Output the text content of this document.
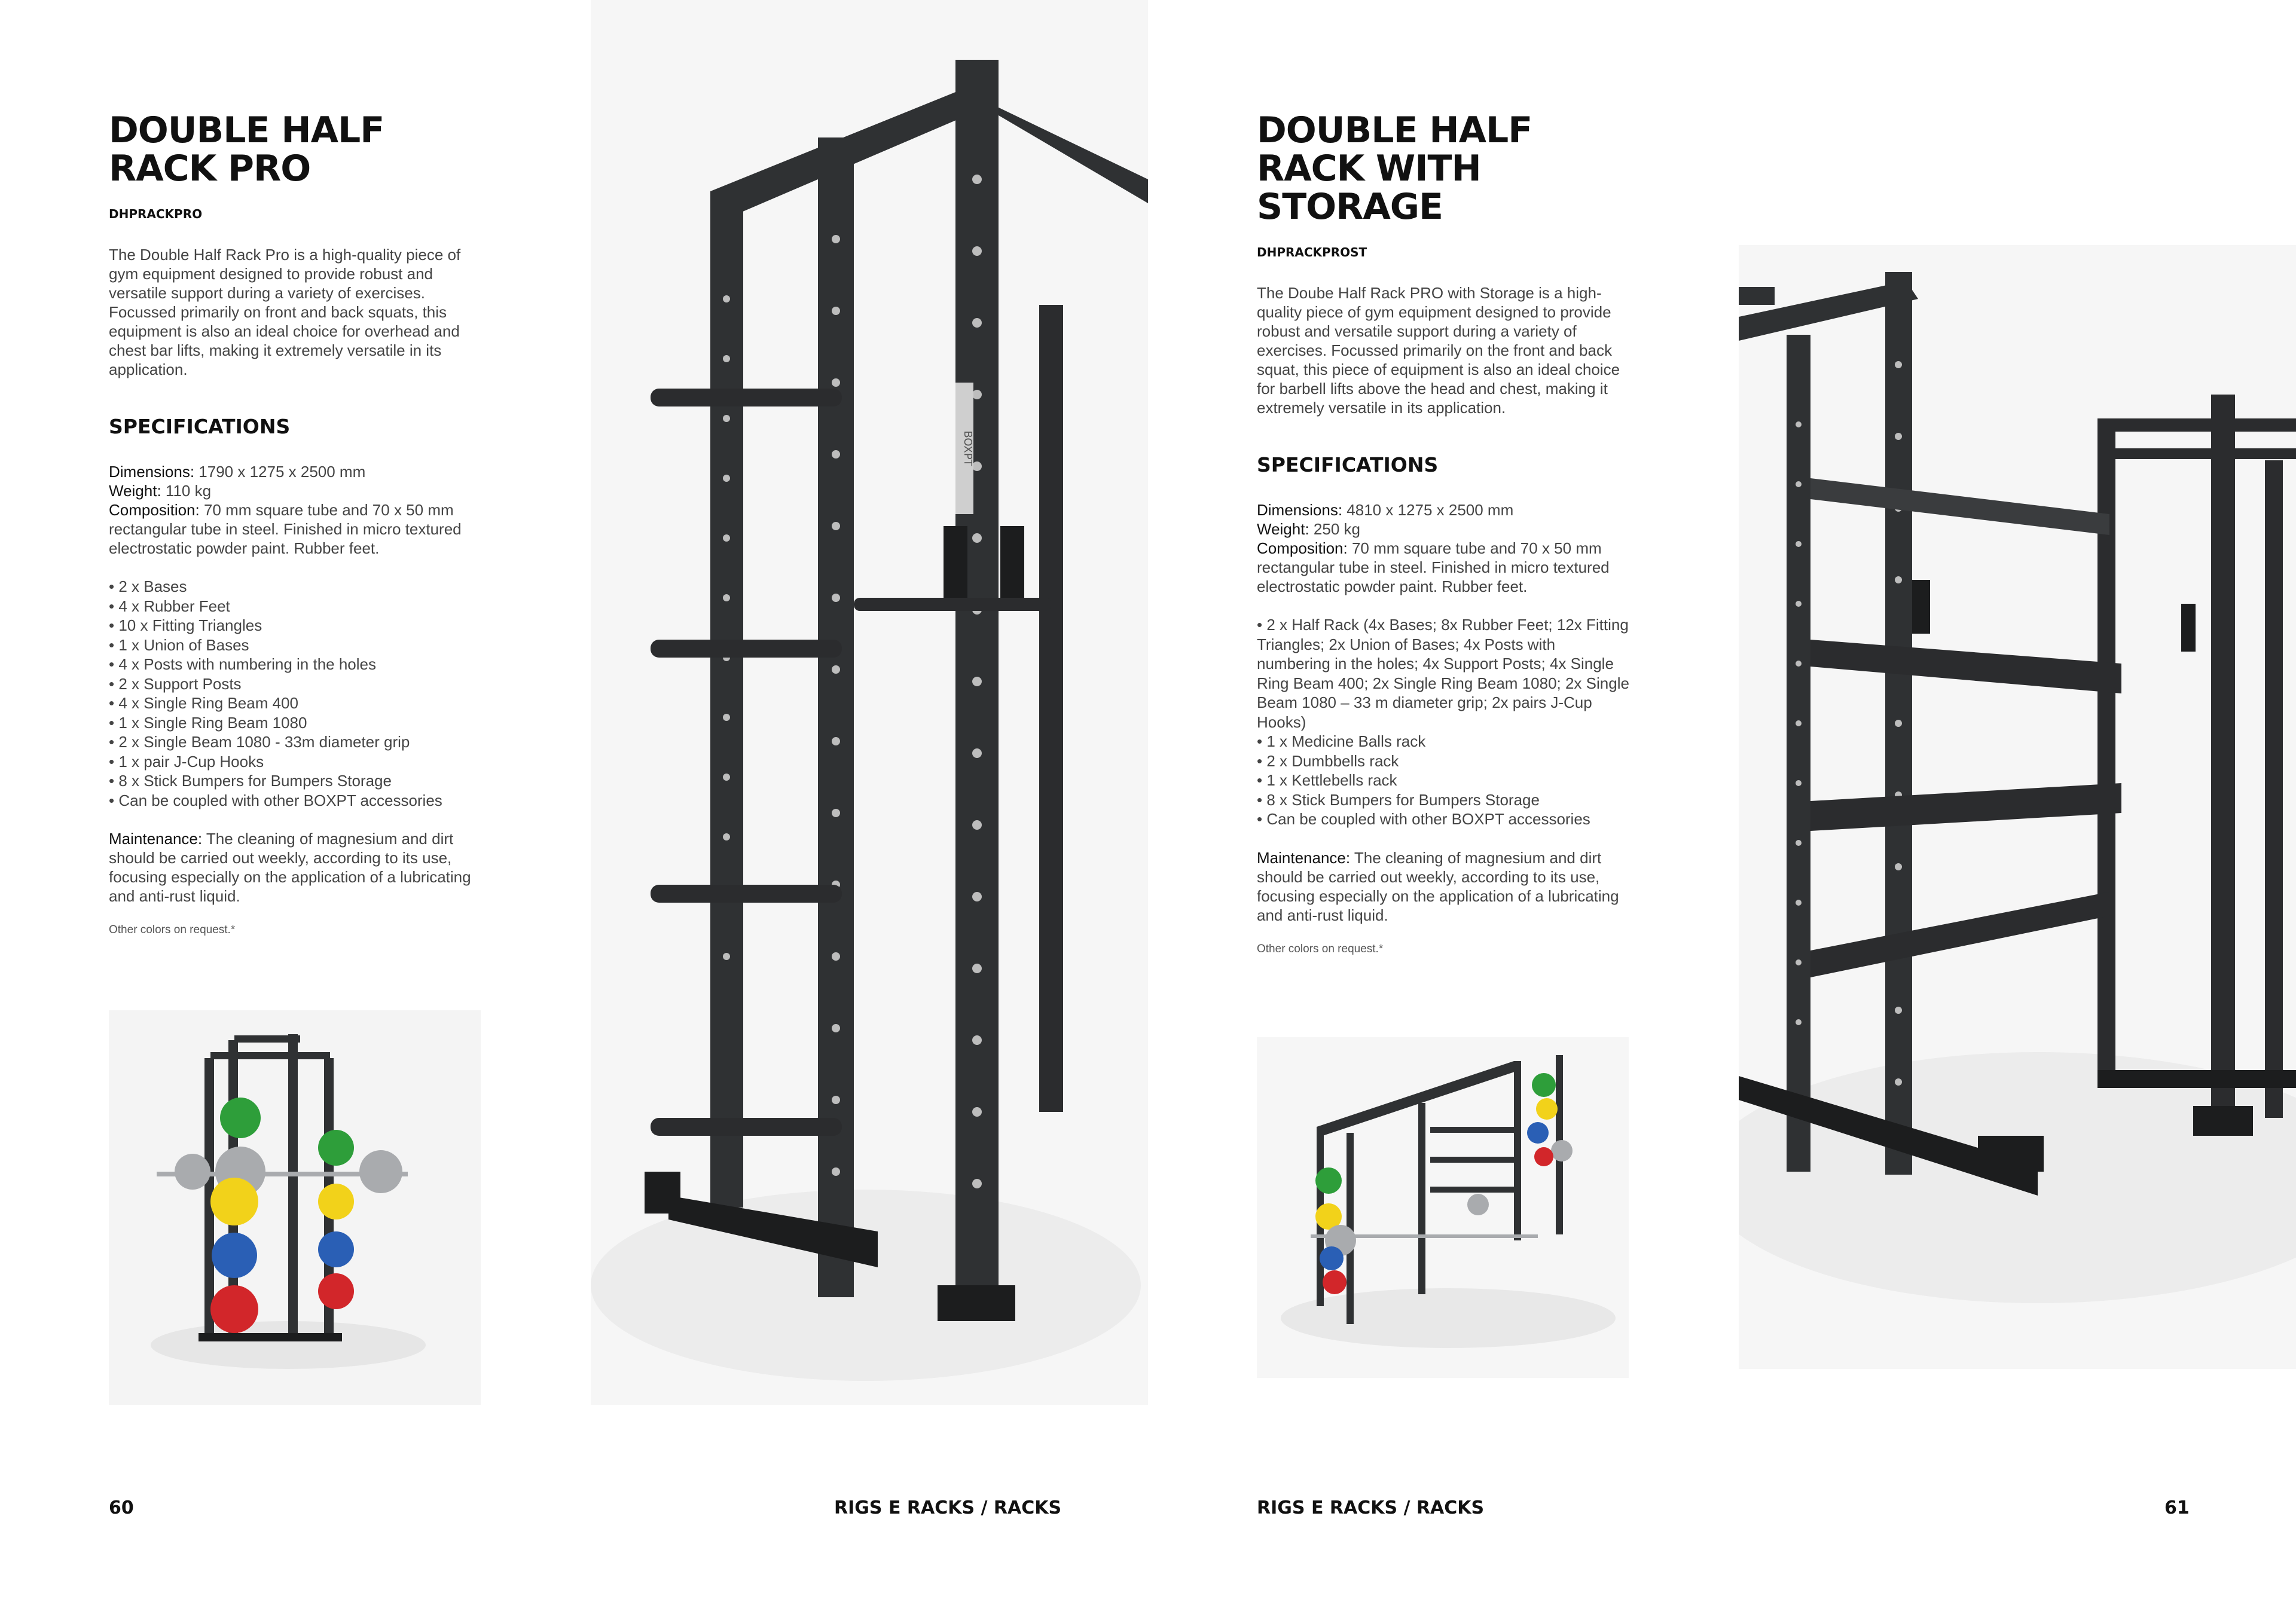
DOUBLE HALF
RACK PRO
DHPRACKPRO
The Double Half Rack Pro is a high-quality piece of gym equipment designed to provide robust and versatile support during a variety of exercises. Focussed primarily on front and back squats, this equipment is also an ideal choice for overhead and chest bar lifts, making it extremely versatile in its application.
SPECIFICATIONS
Dimensions: 1790 x 1275 x 2500 mm
Weight: 110 kg
Composition: 70 mm square tube and 70 x 50 mm rectangular tube in steel. Finished in micro textured electrostatic powder paint. Rubber feet.
• 2 x Bases
• 4 x Rubber Feet
• 10 x Fitting Triangles
• 1 x Union of Bases
• 4 x Posts with numbering in the holes
• 2 x Support Posts
• 4 x Single Ring Beam 400
• 1 x Single Ring Beam 1080
• 2 x Single Beam 1080 - 33m diameter grip
• 1 x pair J-Cup Hooks
• 8 x Stick Bumpers for Bumpers Storage
• Can be coupled with other BOXPT accessories
Maintenance: The cleaning of magnesium and dirt should be carried out weekly, according to its use, focusing especially on the application of a lubricating and anti-rust liquid.
Other colors on request.*
BOXPT
60	RIGS E RACKS / RACKS
DOUBLE HALF
RACK WITH
STORAGE
DHPRACKPROST
The Doube Half Rack PRO with Storage is a high-quality piece of gym equipment designed to provide robust and versatile support during a variety of exercises. Focussed primarily on the front and back squat, this piece of equipment is also an ideal choice for barbell lifts above the head and chest, making it extremely versatile in its application.
SPECIFICATIONS
Dimensions: 4810 x 1275 x 2500 mm
Weight: 250 kg
Composition: 70 mm square tube and 70 x 50 mm rectangular tube in steel. Finished in micro textured electrostatic powder paint. Rubber feet.
• 2 x Half Rack (4x Bases; 8x Rubber Feet; 12x Fitting Triangles; 2x Union of Bases; 4x Posts with numbering in the holes; 4x Support Posts; 4x Single Ring Beam 400; 2x Single Ring Beam 1080; 2x Single Beam 1080 – 33 m diameter grip; 2x pairs J-Cup Hooks)
• 1 x Medicine Balls rack
• 2 x Dumbbells rack
• 1 x Kettlebells rack
• 8 x Stick Bumpers for Bumpers Storage
• Can be coupled with other BOXPT accessories
Maintenance: The cleaning of magnesium and dirt should be carried out weekly, according to its use, focusing especially on the application of a lubricating and anti-rust liquid.
Other colors on request.*
RIGS E RACKS / RACKS	61
